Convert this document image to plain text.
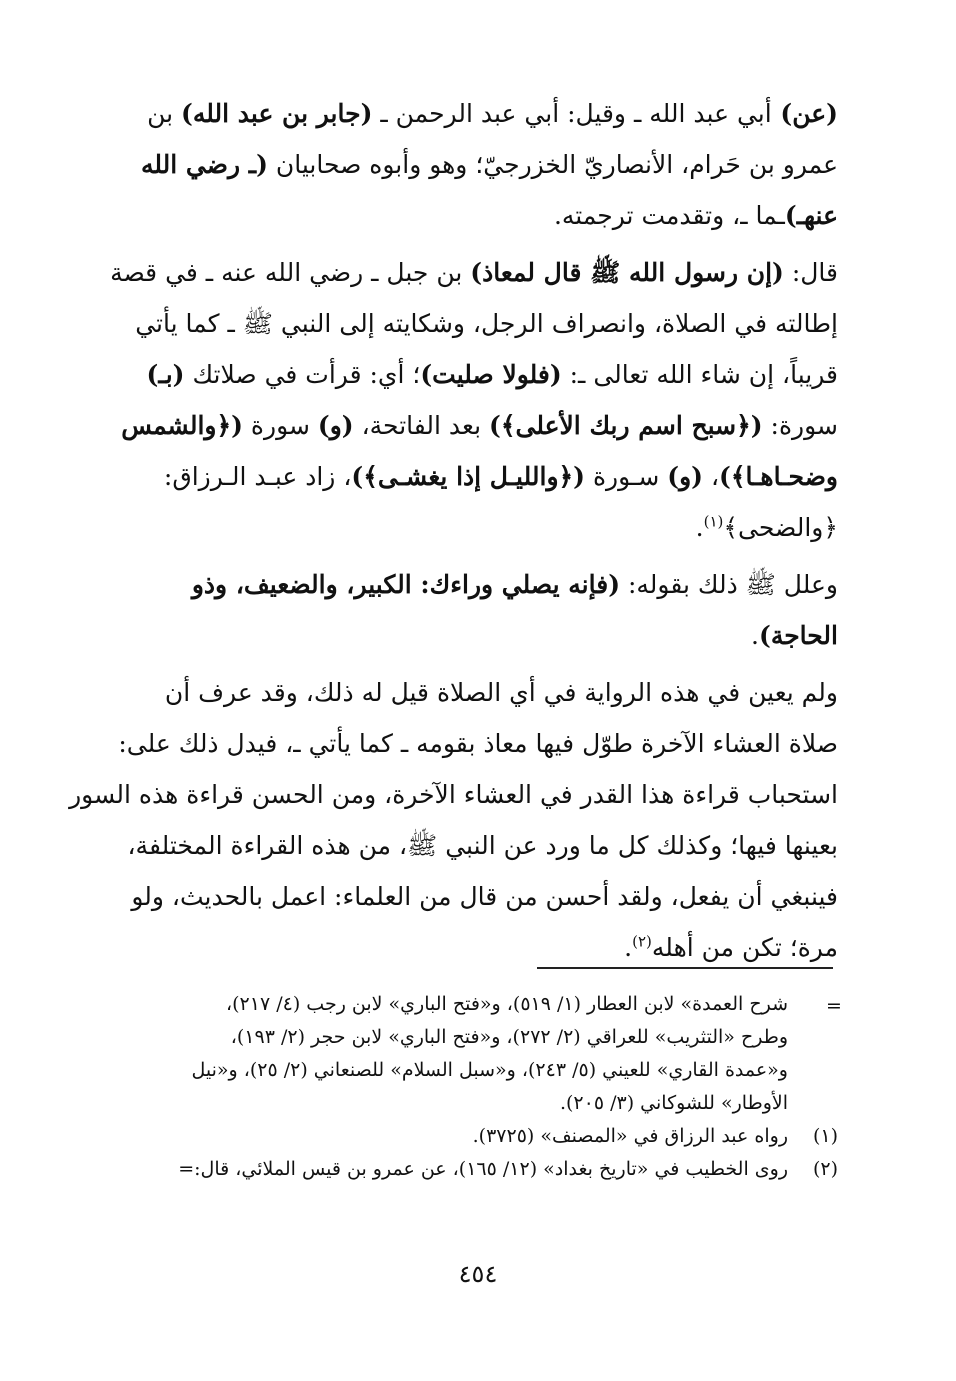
(عن) أبي عبد الله ـ وقيل: أبي عبد الرحمن ـ (جابر بن عبد الله) بن
عمرو بن حَرام، الأنصاريّ الخزرجيّ؛ وهو وأبوه صحابيان (ـ رضي الله
عنهـ)ـما ـ، وتقدمت ترجمته.
قال: (إن رسول الله ﷺ قال لمعاذ) بن جبل ـ رضي الله عنه ـ في قصة
إطالته في الصلاة، وانصراف الرجل، وشكايته إلى النبي ﷺ ـ كما يأتي
قريباً، إن شاء الله تعالى ـ: (فلولا صليت)؛ أي: قرأت في صلاتك (بـ)
سورة: (﴿سبح اسم ربك الأعلى﴾) بعد الفاتحة، (و) سورة (﴿والشمس
وضحـاهـا﴾)، (و) سـورة (﴿والليـل إذا يغشـى﴾)، زاد عبـد الـرزاق:
﴿والضحى﴾$^{(١)}$.
وعلل ﷺ ذلك بقوله: (فإنه يصلي وراءك: الكبير، والضعيف، وذو
الحاجة).
ولم يعين في هذه الرواية في أي الصلاة قيل له ذلك، وقد عرف أن
صلاة العشاء الآخرة طوّل فيها معاذ بقومه ـ كما يأتي ـ، فيدل ذلك على:
استحباب قراءة هذا القدر في العشاء الآخرة، ومن الحسن قراءة هذه السور
بعينها فيها؛ وكذلك كل ما ورد عن النبي ﷺ، من هذه القراءة المختلفة،
فينبغي أن يفعل، ولقد أحسن من قال من العلماء: اعمل بالحديث، ولو
مرة؛ تكن من أهله$^{(٢)}$.
=
شرح العمدة» لابن العطار (١/ ٥١٩)، و«فتح الباري» لابن رجب (٤/ ٢١٧)،
وطرح «التثريب» للعراقي (٢/ ٢٧٢)، و«فتح الباري» لابن حجر (٢/ ١٩٣)،
و«عمدة القاري» للعيني (٥/ ٢٤٣)، و«سبل السلام» للصنعاني (٢/ ٢٥)، و«نيل
الأوطار» للشوكاني (٣/ ٢٠٥).
(١)
رواه عبد الرزاق في «المصنف» (٣٧٢٥).
(٢)
روى الخطيب في «تاريخ بغداد» (١٢/ ١٦٥)، عن عمرو بن قيس الملائي، قال:=
٤٥٤
